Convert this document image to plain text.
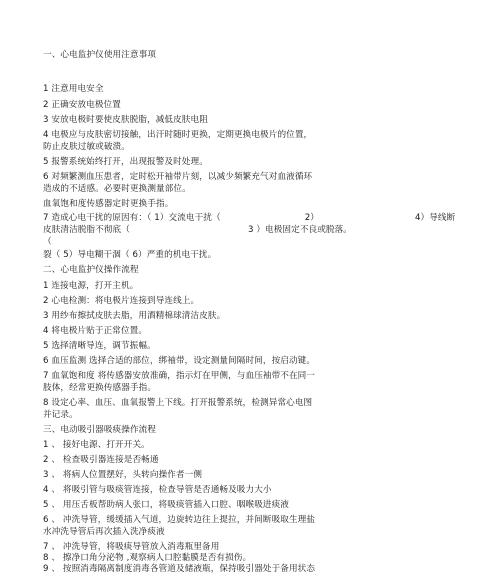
一、心电监护仪使用注意事项
1 注意用电安全
2 正确安放电极位置
3 安放电极时要使皮肤脱脂，减低皮肤电阻
4 电极应与皮肤密切接触，出汗时随时更换，定期更换电极片的位置，
防止皮肤过敏或破溃。
5 报警系统始终打开，出现报警及时处理。
6 对频繁测血压患者，定时松开袖带片刻，以减少频繁充气对血液循环
造成的不适感。必要时更换测量部位。
血氧饱和度传感器定时更换手指。
7 造成心电干扰的原因有：（ 1）交流电干扰（	2）	4）导线断
皮肤清洁脱脂不彻底（	3 ）电极固定不良或脱落。
（
裂（ 5）导电糊干涸（ 6）严重的机电干扰。
二、心电监护仪操作流程
1 连接电源，打开主机。
2 心电检测：将电极片连接到导连线上。
3 用纱布擦拭皮肤去脂，用酒精棉球清洁皮肤。
4 将电极片贴于正常位置。
5 选择清晰导连，调节振幅。
6 血压监测 选择合适的部位，绑袖带，设定测量间隔时间，按启动键。
7 血氧饱和度 将传感器安放准确，指示灯在甲侧，与血压袖带不在同一
肢体，经常更换传感器手指。
8 设定心率、血压、血氧报警上下线。打开报警系统，检测异常心电图
并记录。
三、电动吸引器吸痰操作流程
1 、 接好电源、打开开关。
2 、 检查吸引器连接是否畅通
3 、 将病人位置摆好，头转向操作者一侧
4 、 将吸引管与吸痰管连接，检查导管是否通畅及吸力大小
5 、 用压舌板帮助病人张口，将吸痰管插入口腔、咽喉吸进痰液
6 、 冲洗导管，缓缓插入气道，边旋转边往上提拉，并间断吸取生理盐
水冲洗导管后再次插入洗净痰液
7 、 冲洗导管，将吸痰导管放入消毒瓶里备用
8 、 擦净口角分泌物 ,观察病人口腔黏膜是否有损伤。
9 、 按照消毒隔离制度消毒各管道及储液瓶，保持吸引器处于备用状态
